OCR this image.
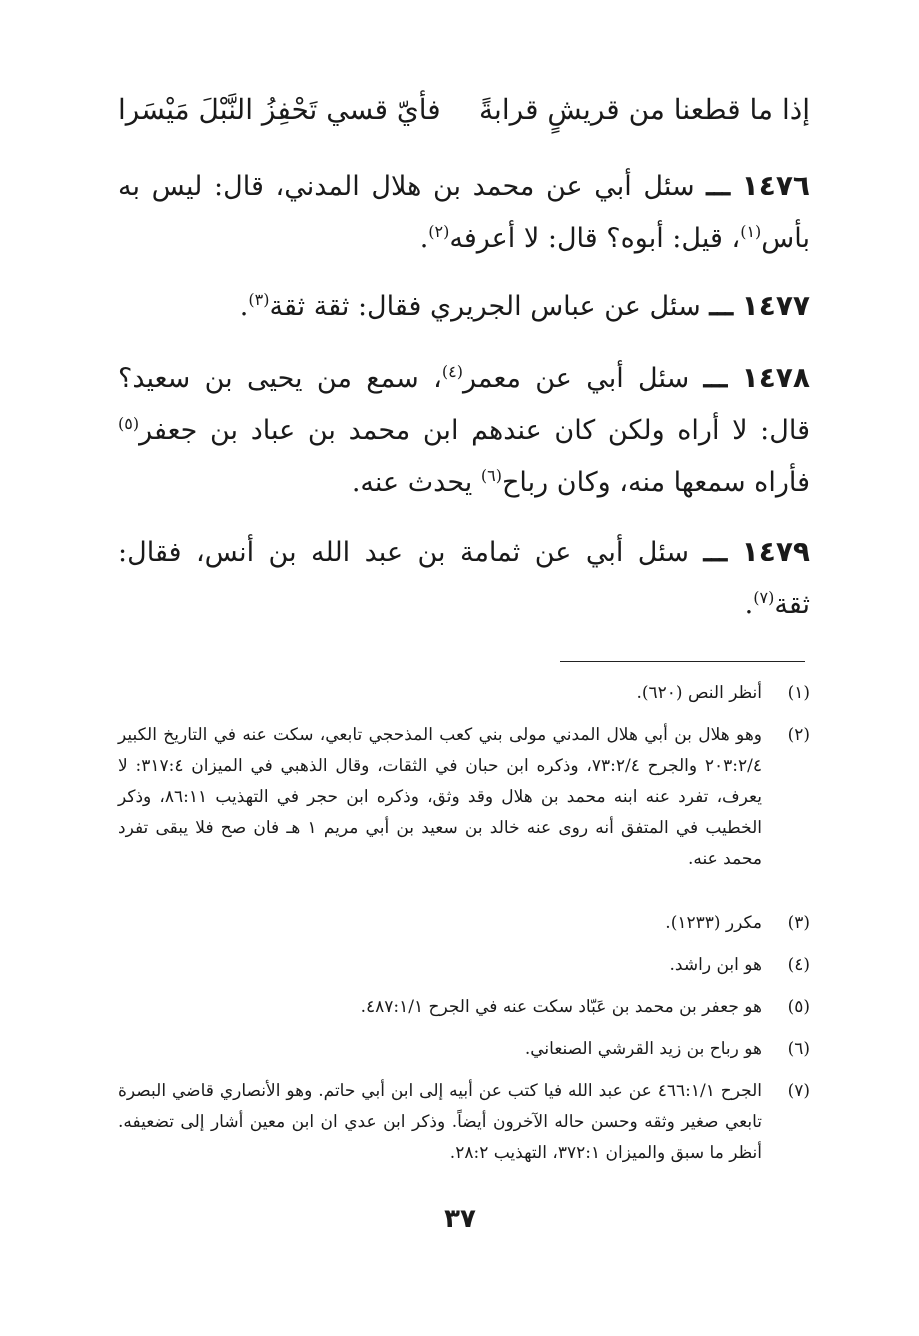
إذا ما قطعنا من قريشٍ قرابةً
فأيّ قسي تَحْفِزُ النَّبْلَ مَيْسَرا
١٤٧٦ ـــ سئل أبي عن محمد بن هلال المدني، قال: ليس به بأس$^{(١)}$، قيل: أبوه؟ قال: لا أعرفه$^{(٢)}$.
١٤٧٧ ـــ سئل عن عباس الجريري فقال: ثقة ثقة$^{(٣)}$.
١٤٧٨ ـــ سئل أبي عن معمر$^{(٤)}$، سمع من يحيى بن سعيد؟ قال: لا أراه ولكن كان عندهم ابن محمد بن عباد بن جعفر$^{(٥)}$ فأراه سمعها منه، وكان رباح$^{(٦)}$ يحدث عنه.
١٤٧٩ ـــ سئل أبي عن ثمامة بن عبد الله بن أنس، فقال: ثقة$^{(٧)}$.
(١)
أنظر النص (٦٢٠).
(٢)
وهو هلال بن أبي هلال المدني مولى بني كعب المذحجي تابعي، سكت عنه في التاريخ الكبير ٢٠٣:٢/٤ والجرح ٧٣:٢/٤، وذكره ابن حبان في الثقات، وقال الذهبي في الميزان ٣١٧:٤: لا يعرف، تفرد عنه ابنه محمد بن هلال وقد وثق، وذكره ابن حجر في التهذيب ٨٦:١١، وذكر الخطيب في المتفق أنه روى عنه خالد بن سعيد بن أبي مريم ١ هـ فان صح فلا يبقى تفرد محمد عنه.
(٣)
مكرر (١٢٣٣).
(٤)
هو ابن راشد.
(٥)
هو جعفر بن محمد بن عَبّاد سكت عنه في الجرح ٤٨٧:١/١.
(٦)
هو رباح بن زيد القرشي الصنعاني.
(٧)
الجرح ٤٦٦:١/١ عن عبد الله فيا كتب عن أبيه إلى ابن أبي حاتم. وهو الأنصاري قاضي البصرة تابعي صغير وثقه وحسن حاله الآخرون أيضاً. وذكر ابن عدي ان ابن معين أشار إلى تضعيفه. أنظر ما سبق والميزان ٣٧٢:١، التهذيب ٢٨:٢.
٣٧
